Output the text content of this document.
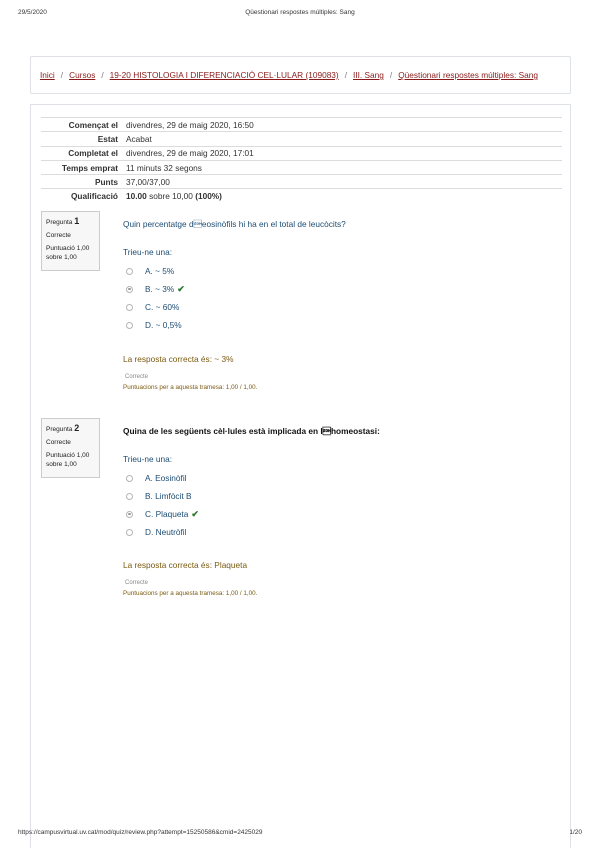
29/5/2020	Qüestionari respostes múltiples: Sang
Inici / Cursos / 19-20 HISTOLOGIA I DIFERENCIACIÓ CEL·LULAR (109083) / III. Sang / Qüestionari respostes múltiples: Sang
Començat el divendres, 29 de maig 2020, 16:50
Estat Acabat
Completat el divendres, 29 de maig 2020, 17:01
Temps emprat 11 minuts 32 segons
Punts 37,00/37,00
Qualificació 10.00 sobre 10,00 (100%)
Pregunta 1
Correcte
Puntuació 1,00
sobre 1,00
Quin percentatge deosinòfils hi ha en el total de leucòcits?
Trieu-ne una:
A. ~ 5%
B. ~ 3% ✔
C. ~ 60%
D. ~ 0,5%
La resposta correcta és: ~ 3%
Correcte
Puntuacions per a aquesta tramesa: 1,00 / 1,00.
Pregunta 2
Correcte
Puntuació 1,00
sobre 1,00
Quina de les següents cèl·lules està implicada en lhomeostasi:
Trieu-ne una:
A. Eosinòfil
B. Limfòcit B
C. Plaqueta ✔
D. Neutròfil
La resposta correcta és: Plaqueta
Correcte
Puntuacions per a aquesta tramesa: 1,00 / 1,00.
https://campusvirtual.uv.cat/mod/quiz/review.php?attempt=15250586&cmid=2425029	1/20
